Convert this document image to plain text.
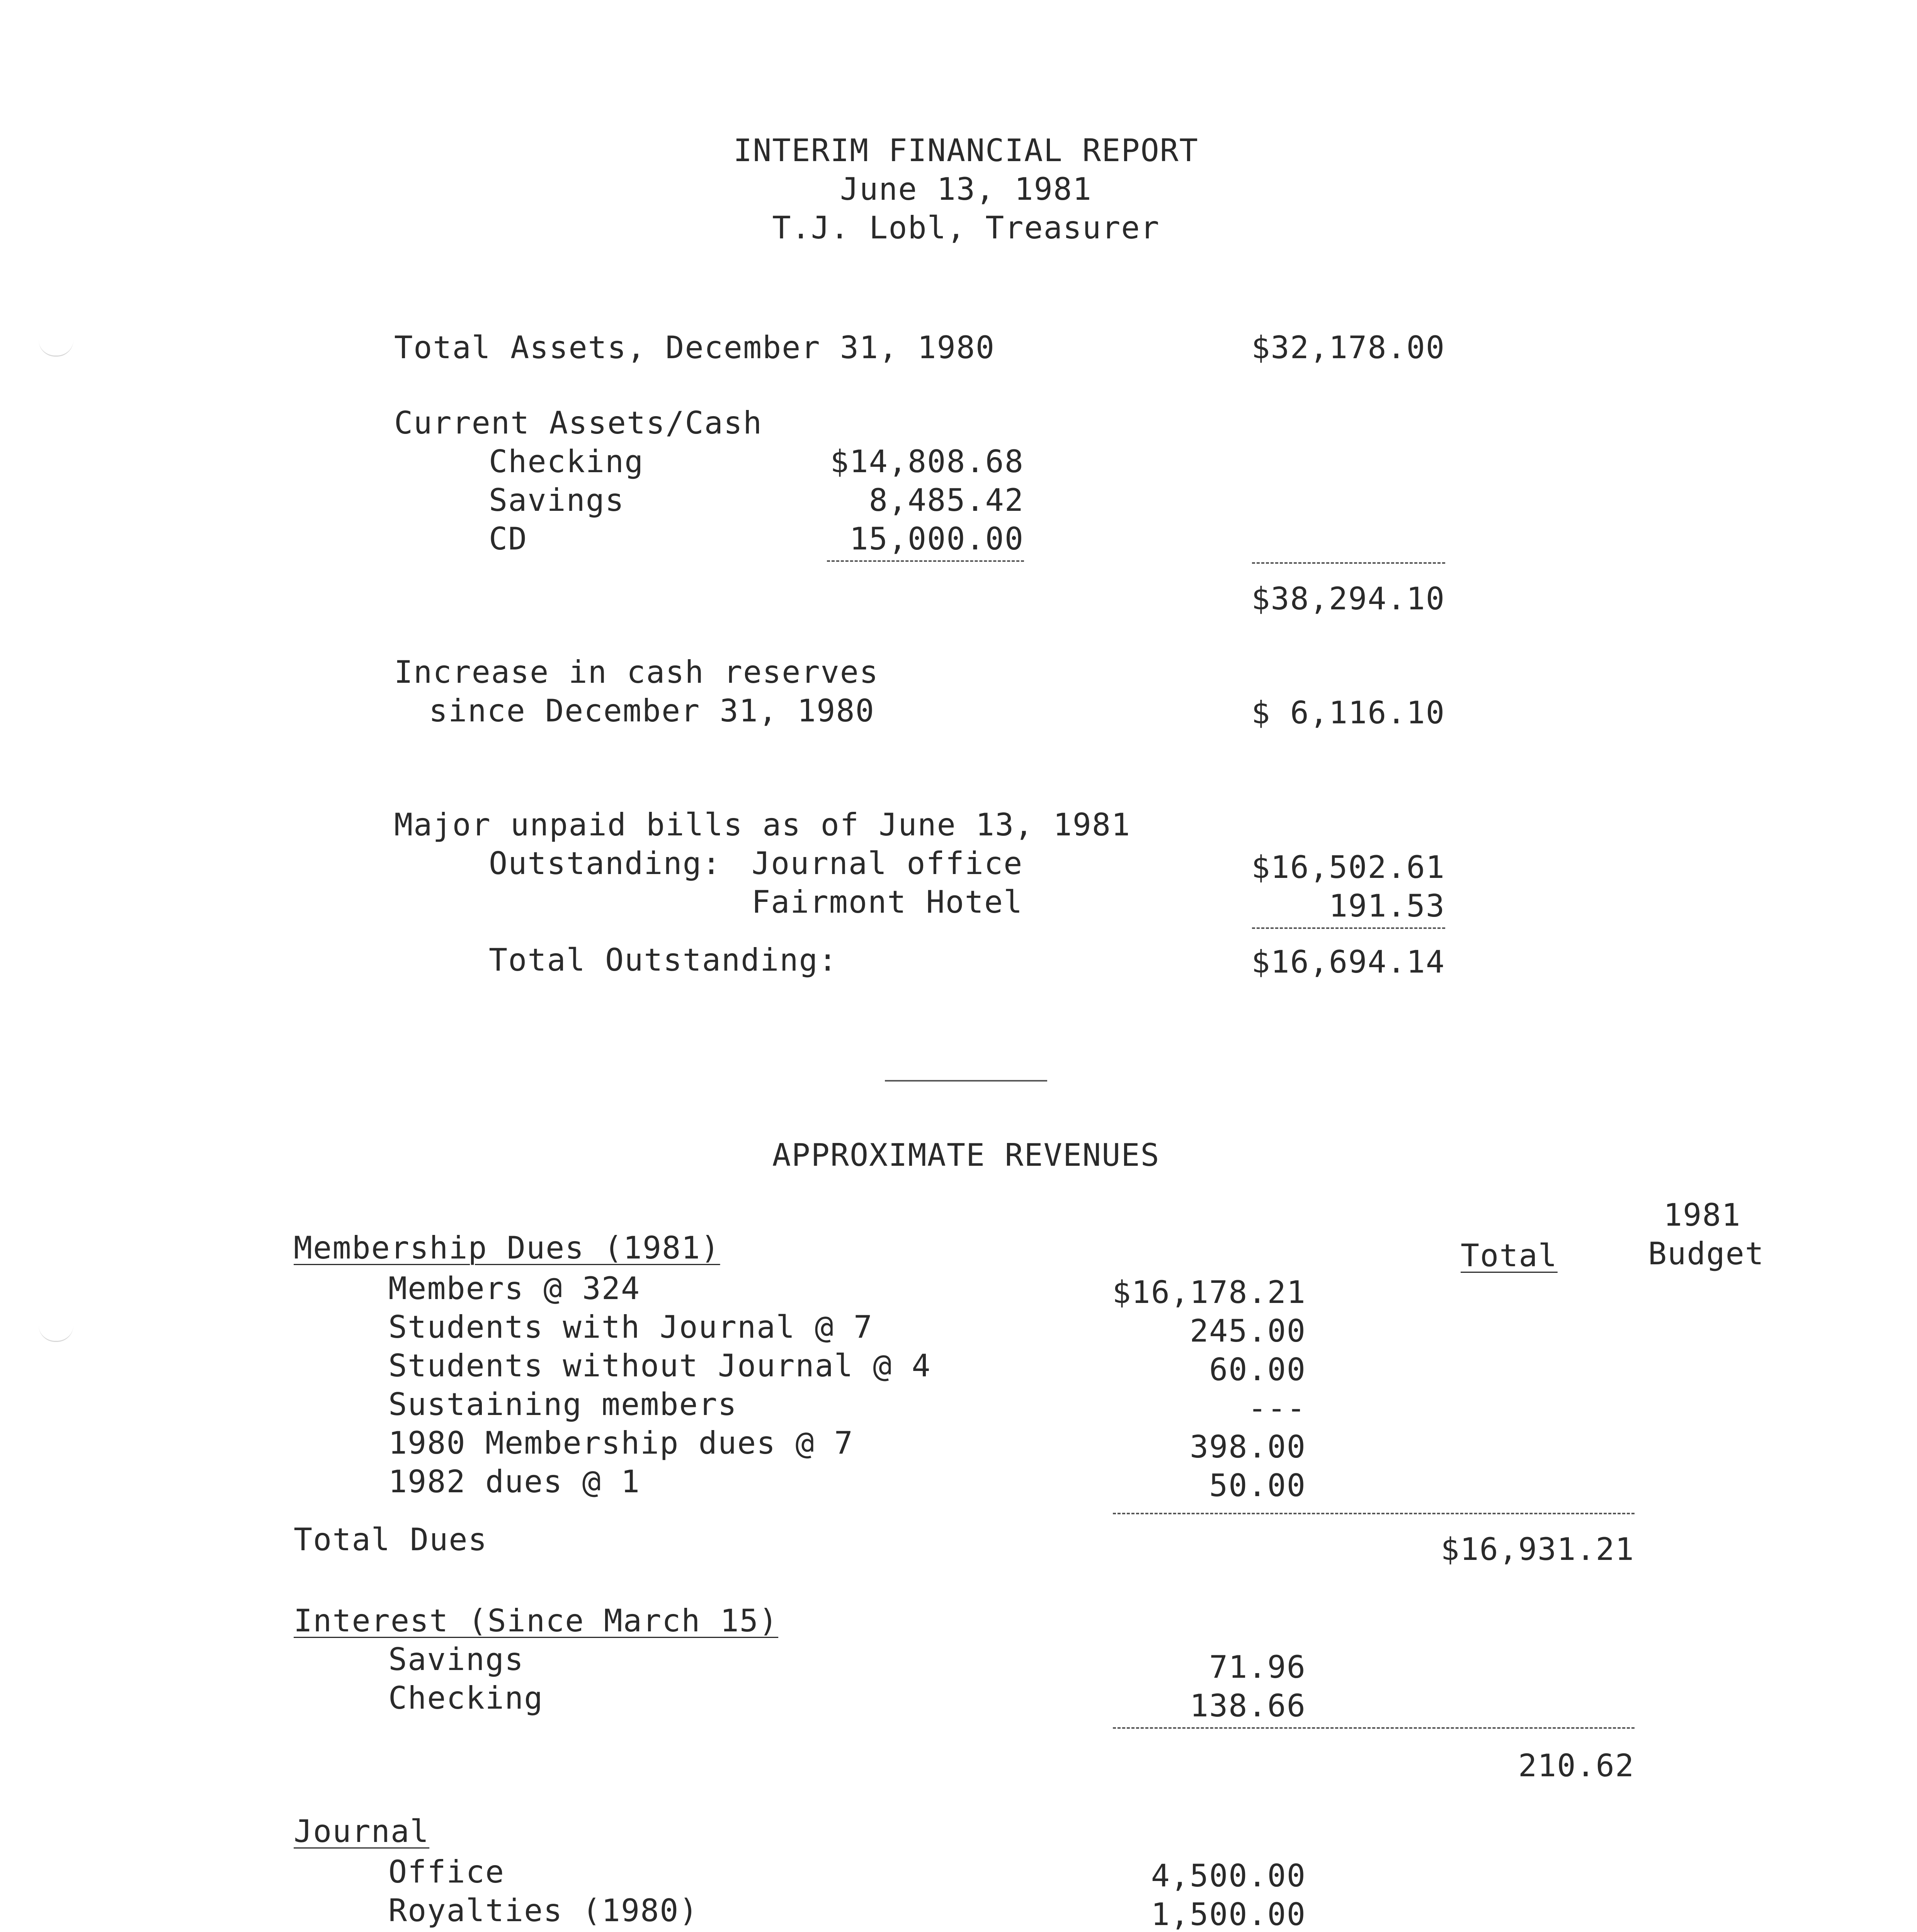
INTERIM FINANCIAL REPORT
June 13, 1981
T.J. Lobl, Treasurer
Total Assets, December 31, 1980	$32,178.00
Current Assets/Cash
Checking	$14,808.68
Savings	8,485.42
CD	15,000.00
$38,294.10
Increase in cash reserves
since December 31, 1980	$ 6,116.10
Major unpaid bills as of June 13, 1981
Outstanding: Journal office	$16,502.61
Fairmont Hotel	191.53
Total Outstanding:	$16,694.14
APPROXIMATE REVENUES
1981
Budget
Total
Membership Dues (1981)
Members @ 324	$16,178.21
Students with Journal @ 7	245.00
Students without Journal @ 4	60.00
Sustaining members	---
1980 Membership dues @ 7	398.00
1982 dues @ 1	50.00
Total Dues	$16,931.21
Interest (Since March 15)
Savings	71.96
Checking	138.66
210.62
Journal
Office	4,500.00
Royalties (1980)	1,500.00
